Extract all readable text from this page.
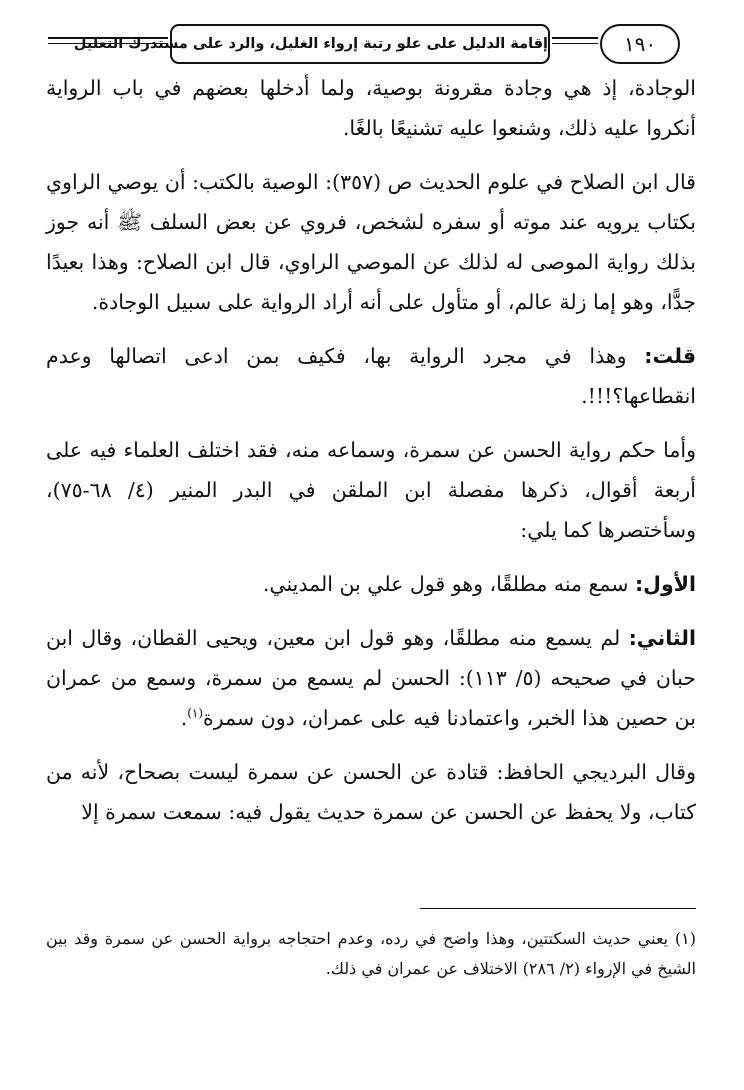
إقامة الدليل على علو رتبة إرواء الغليل، والرد على مستدرك التعليل	١٩٠

الوجادة، إذ هي وجادة مقرونة بوصية، ولما أدخلها بعضهم في باب الرواية أنكروا عليه ذلك، وشنعوا عليه تشنيعًا بالغًا.

قال ابن الصلاح في علوم الحديث ص (٣٥٧): الوصية بالكتب: أن يوصي الراوي بكتاب يرويه عند موته أو سفره لشخص، فروي عن بعض السلف ﷺ أنه جوز بذلك رواية الموصى له لذلك عن الموصي الراوي، قال ابن الصلاح: وهذا بعيدًا جدًّا، وهو إما زلة عالم، أو متأول على أنه أراد الرواية على سبيل الوجادة.

قلت: وهذا في مجرد الرواية بها، فكيف بمن ادعى اتصالها وعدم انقطاعها؟!!!.

وأما حكم رواية الحسن عن سمرة، وسماعه منه، فقد اختلف العلماء فيه على أربعة أقوال، ذكرها مفصلة ابن الملقن في البدر المنير (٤/ ٦٨-٧٥)، وسأختصرها كما يلي:

الأول: سمع منه مطلقًا، وهو قول علي بن المديني.

الثاني: لم يسمع منه مطلقًا، وهو قول ابن معين، ويحيى القطان، وقال ابن حبان في صحيحه (٥/ ١١٣): الحسن لم يسمع من سمرة، وسمع من عمران بن حصين هذا الخبر، واعتمادنا فيه على عمران، دون سمرة$^{(١)}$.

وقال البرديجي الحافظ: قتادة عن الحسن عن سمرة ليست بصحاح، لأنه من كتاب، ولا يحفظ عن الحسن عن سمرة حديث يقول فيه: سمعت سمرة إلا

(١) يعني حديث السكتتين، وهذا واضح في رده، وعدم احتجاجه برواية الحسن عن سمرة وقد بين الشيخ في الإرواء (٢/ ٢٨٦) الاختلاف عن عمران في ذلك.
